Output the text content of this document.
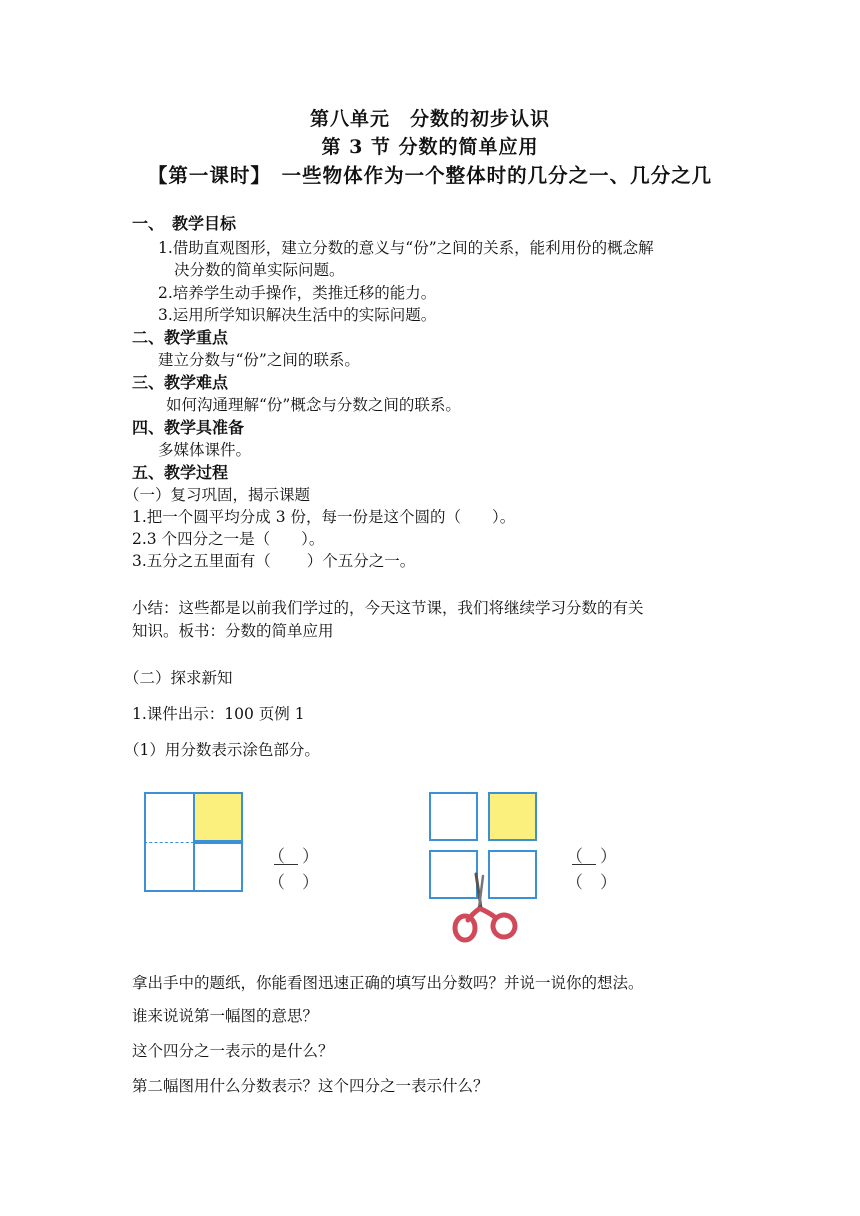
第八单元　分数的初步认识
第 3 节 分数的简单应用
【第一课时】　一些物体作为一个整体时的几分之一、几分之几
一、　教学目标
1.借助直观图形，建立分数的意义与“份”之间的关系，能利用份的概念解
决分数的简单实际问题。
2.培养学生动手操作，类推迁移的能力。
3.运用所学知识解决生活中的实际问题。
二、教学重点
建立分数与“份”之间的联系。
三、教学难点
如何沟通理解“份”概念与分数之间的联系。
四、教学具准备
多媒体课件。
五、教学过程
（一）复习巩固，揭示课题
1.把一个圆平均分成 3 份，每一份是这个圆的（　　）。
2.3 个四分之一是（　　）。
3.五分之五里面有（　　 ）个五分之一。
小结：这些都是以前我们学过的，今天这节课，我们将继续学习分数的有关
知识。板书：分数的简单应用
（二）探求新知
1.课件出示：100 页例 1
（1）用分数表示涂色部分。
（　）
（　）
（　）
（　）
拿出手中的题纸，你能看图迅速正确的填写出分数吗？并说一说你的想法。
谁来说说第一幅图的意思？
这个四分之一表示的是什么？
第二幅图用什么分数表示？这个四分之一表示什么？
